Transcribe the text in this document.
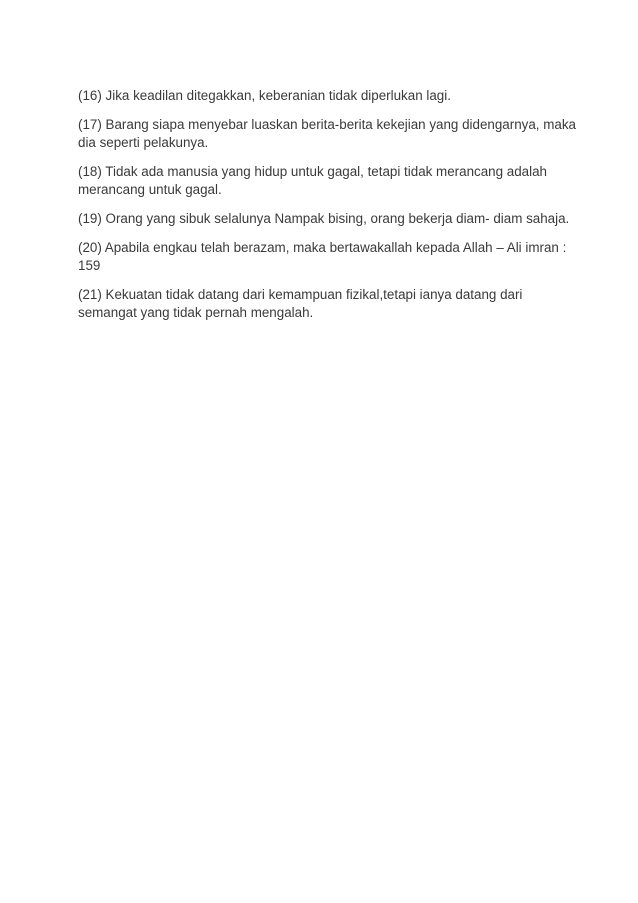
(16) Jika keadilan ditegakkan, keberanian tidak diperlukan lagi.

(17) Barang siapa menyebar luaskan berita-berita kekejian yang didengarnya, maka
dia seperti pelakunya.

(18) Tidak ada manusia yang hidup untuk gagal, tetapi tidak merancang adalah
merancang untuk gagal.

(19) Orang yang sibuk selalunya Nampak bising, orang bekerja diam- diam sahaja.

(20) Apabila engkau telah berazam, maka bertawakallah kepada Allah – Ali imran :
159

(21) Kekuatan tidak datang dari kemampuan fizikal,tetapi ianya datang dari
semangat yang tidak pernah mengalah.
